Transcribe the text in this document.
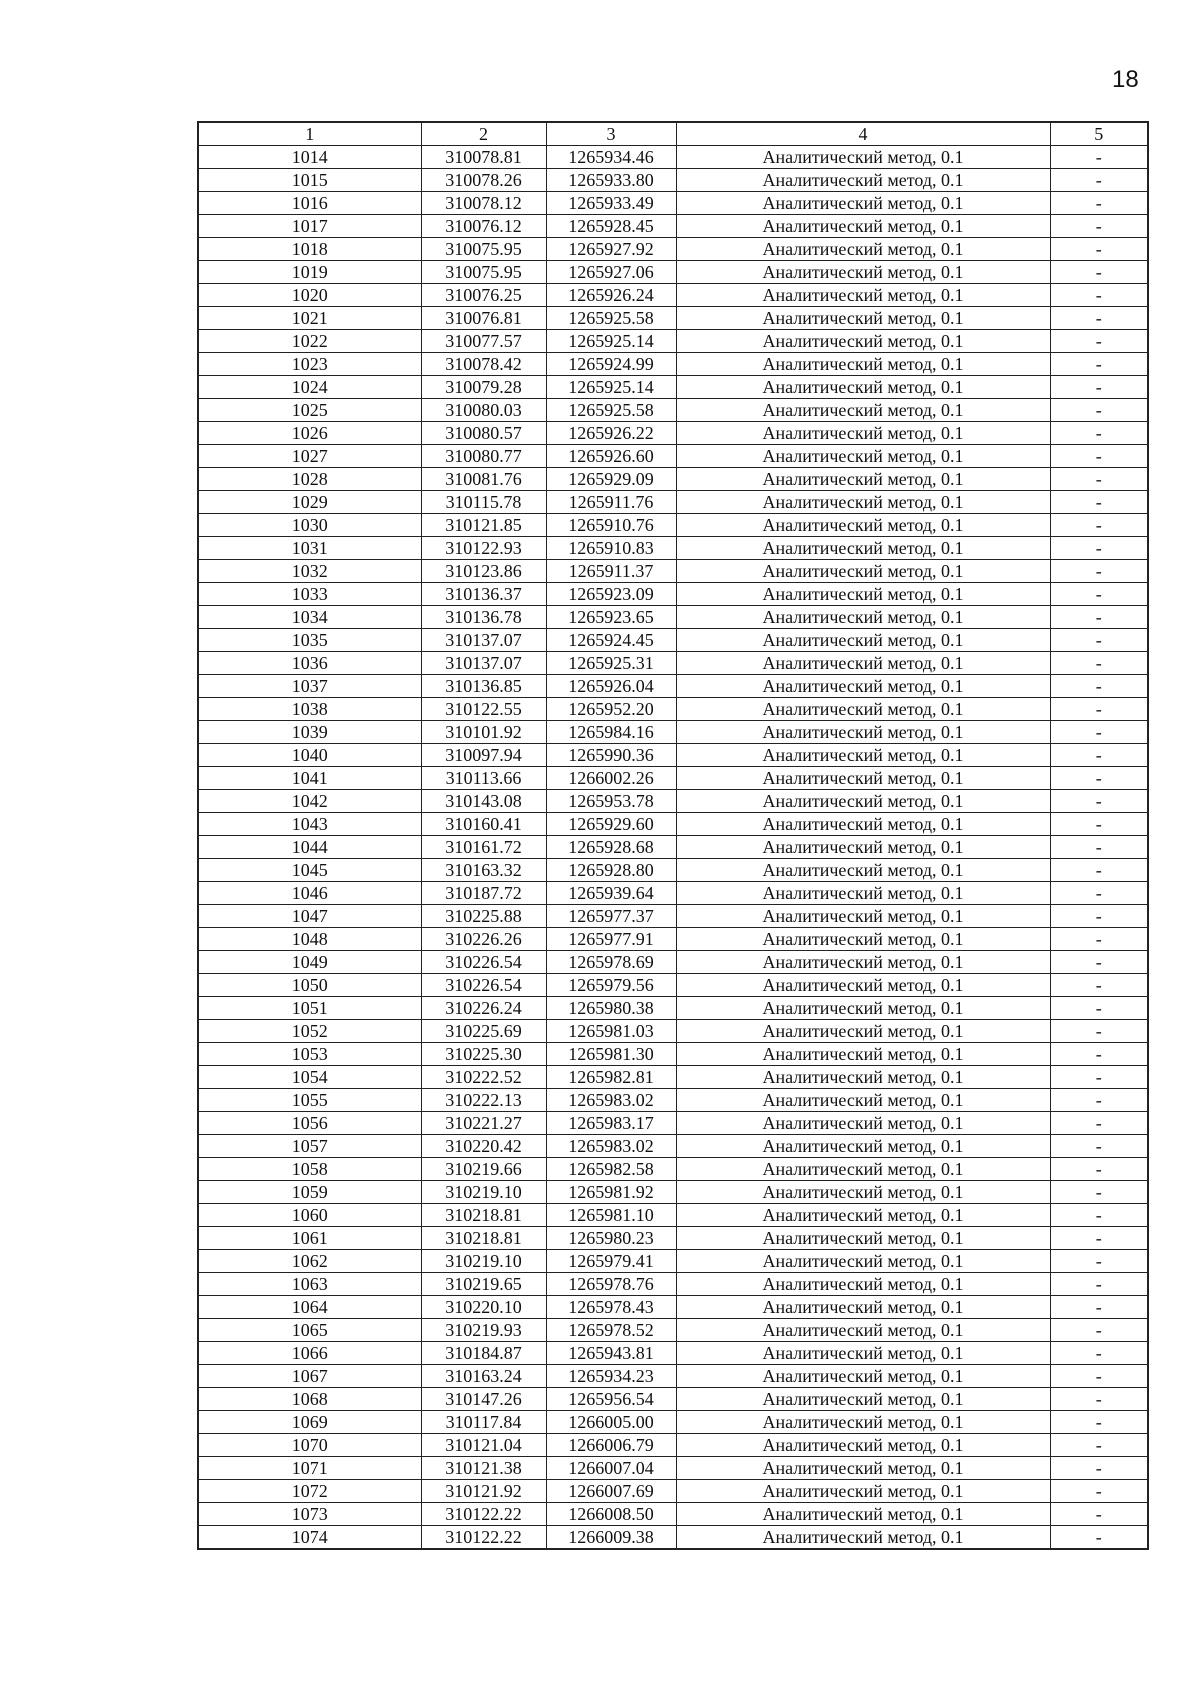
18
1	2	3	4	5
1014	310078.81	1265934.46	Аналитический метод, 0.1	-
1015	310078.26	1265933.80	Аналитический метод, 0.1	-
1016	310078.12	1265933.49	Аналитический метод, 0.1	-
1017	310076.12	1265928.45	Аналитический метод, 0.1	-
1018	310075.95	1265927.92	Аналитический метод, 0.1	-
1019	310075.95	1265927.06	Аналитический метод, 0.1	-
1020	310076.25	1265926.24	Аналитический метод, 0.1	-
1021	310076.81	1265925.58	Аналитический метод, 0.1	-
1022	310077.57	1265925.14	Аналитический метод, 0.1	-
1023	310078.42	1265924.99	Аналитический метод, 0.1	-
1024	310079.28	1265925.14	Аналитический метод, 0.1	-
1025	310080.03	1265925.58	Аналитический метод, 0.1	-
1026	310080.57	1265926.22	Аналитический метод, 0.1	-
1027	310080.77	1265926.60	Аналитический метод, 0.1	-
1028	310081.76	1265929.09	Аналитический метод, 0.1	-
1029	310115.78	1265911.76	Аналитический метод, 0.1	-
1030	310121.85	1265910.76	Аналитический метод, 0.1	-
1031	310122.93	1265910.83	Аналитический метод, 0.1	-
1032	310123.86	1265911.37	Аналитический метод, 0.1	-
1033	310136.37	1265923.09	Аналитический метод, 0.1	-
1034	310136.78	1265923.65	Аналитический метод, 0.1	-
1035	310137.07	1265924.45	Аналитический метод, 0.1	-
1036	310137.07	1265925.31	Аналитический метод, 0.1	-
1037	310136.85	1265926.04	Аналитический метод, 0.1	-
1038	310122.55	1265952.20	Аналитический метод, 0.1	-
1039	310101.92	1265984.16	Аналитический метод, 0.1	-
1040	310097.94	1265990.36	Аналитический метод, 0.1	-
1041	310113.66	1266002.26	Аналитический метод, 0.1	-
1042	310143.08	1265953.78	Аналитический метод, 0.1	-
1043	310160.41	1265929.60	Аналитический метод, 0.1	-
1044	310161.72	1265928.68	Аналитический метод, 0.1	-
1045	310163.32	1265928.80	Аналитический метод, 0.1	-
1046	310187.72	1265939.64	Аналитический метод, 0.1	-
1047	310225.88	1265977.37	Аналитический метод, 0.1	-
1048	310226.26	1265977.91	Аналитический метод, 0.1	-
1049	310226.54	1265978.69	Аналитический метод, 0.1	-
1050	310226.54	1265979.56	Аналитический метод, 0.1	-
1051	310226.24	1265980.38	Аналитический метод, 0.1	-
1052	310225.69	1265981.03	Аналитический метод, 0.1	-
1053	310225.30	1265981.30	Аналитический метод, 0.1	-
1054	310222.52	1265982.81	Аналитический метод, 0.1	-
1055	310222.13	1265983.02	Аналитический метод, 0.1	-
1056	310221.27	1265983.17	Аналитический метод, 0.1	-
1057	310220.42	1265983.02	Аналитический метод, 0.1	-
1058	310219.66	1265982.58	Аналитический метод, 0.1	-
1059	310219.10	1265981.92	Аналитический метод, 0.1	-
1060	310218.81	1265981.10	Аналитический метод, 0.1	-
1061	310218.81	1265980.23	Аналитический метод, 0.1	-
1062	310219.10	1265979.41	Аналитический метод, 0.1	-
1063	310219.65	1265978.76	Аналитический метод, 0.1	-
1064	310220.10	1265978.43	Аналитический метод, 0.1	-
1065	310219.93	1265978.52	Аналитический метод, 0.1	-
1066	310184.87	1265943.81	Аналитический метод, 0.1	-
1067	310163.24	1265934.23	Аналитический метод, 0.1	-
1068	310147.26	1265956.54	Аналитический метод, 0.1	-
1069	310117.84	1266005.00	Аналитический метод, 0.1	-
1070	310121.04	1266006.79	Аналитический метод, 0.1	-
1071	310121.38	1266007.04	Аналитический метод, 0.1	-
1072	310121.92	1266007.69	Аналитический метод, 0.1	-
1073	310122.22	1266008.50	Аналитический метод, 0.1	-
1074	310122.22	1266009.38	Аналитический метод, 0.1	-
